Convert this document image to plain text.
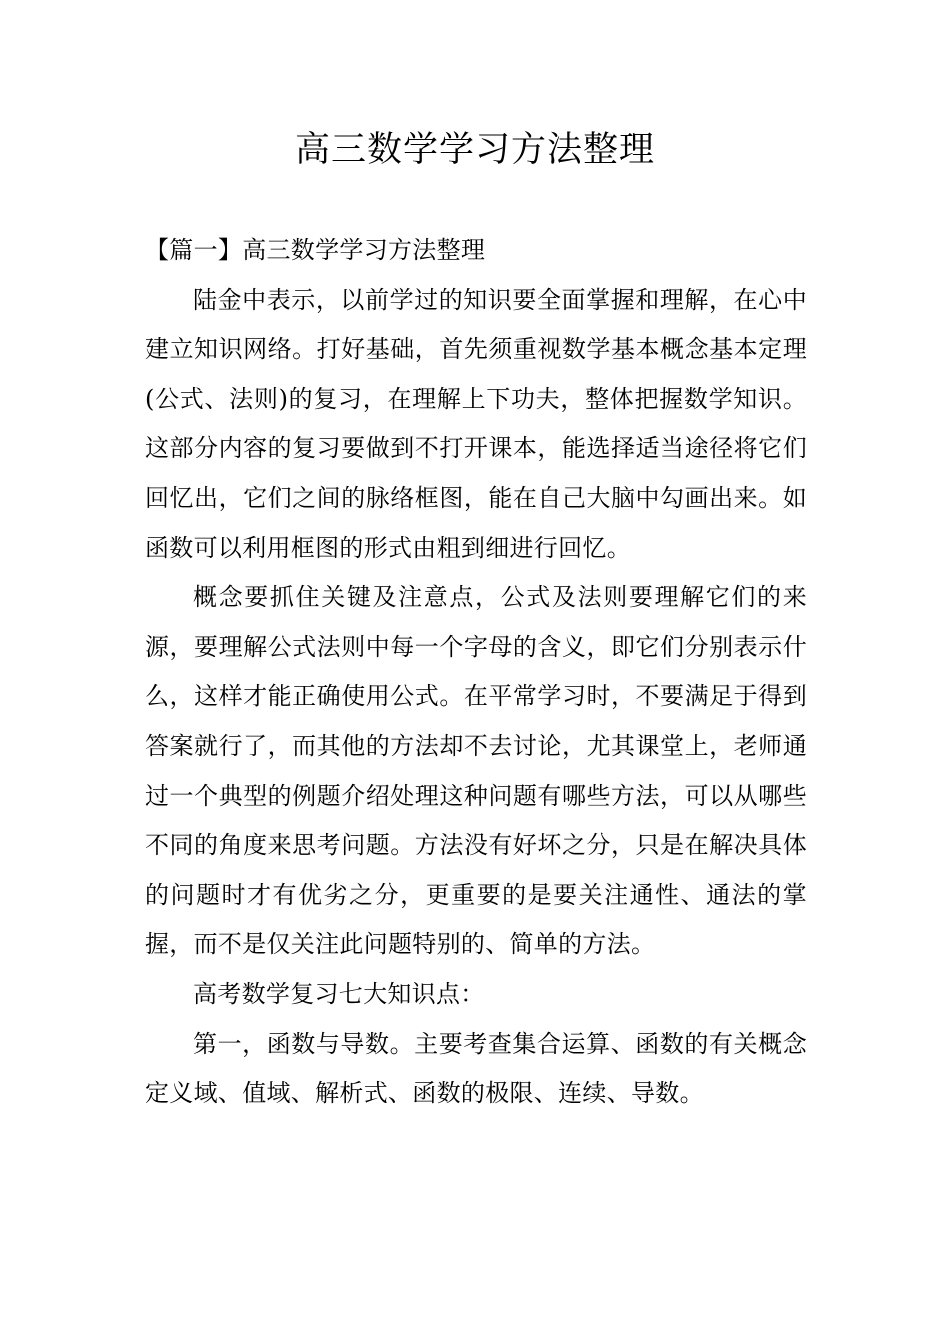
高三数学学习方法整理

【篇一】高三数学学习方法整理

陆金中表示，以前学过的知识要全面掌握和理解，在心中建立知识网络。打好基础，首先须重视数学基本概念基本定理(公式、法则)的复习，在理解上下功夫，整体把握数学知识。这部分内容的复习要做到不打开课本，能选择适当途径将它们回忆出，它们之间的脉络框图，能在自己大脑中勾画出来。如函数可以利用框图的形式由粗到细进行回忆。

概念要抓住关键及注意点，公式及法则要理解它们的来源，要理解公式法则中每一个字母的含义，即它们分别表示什么，这样才能正确使用公式。在平常学习时，不要满足于得到答案就行了，而其他的方法却不去讨论，尤其课堂上，老师通过一个典型的例题介绍处理这种问题有哪些方法，可以从哪些不同的角度来思考问题。方法没有好坏之分，只是在解决具体的问题时才有优劣之分，更重要的是要关注通性、通法的掌握，而不是仅关注此问题特别的、简单的方法。

高考数学复习七大知识点：

第一，函数与导数。主要考查集合运算、函数的有关概念定义域、值域、解析式、函数的极限、连续、导数。
